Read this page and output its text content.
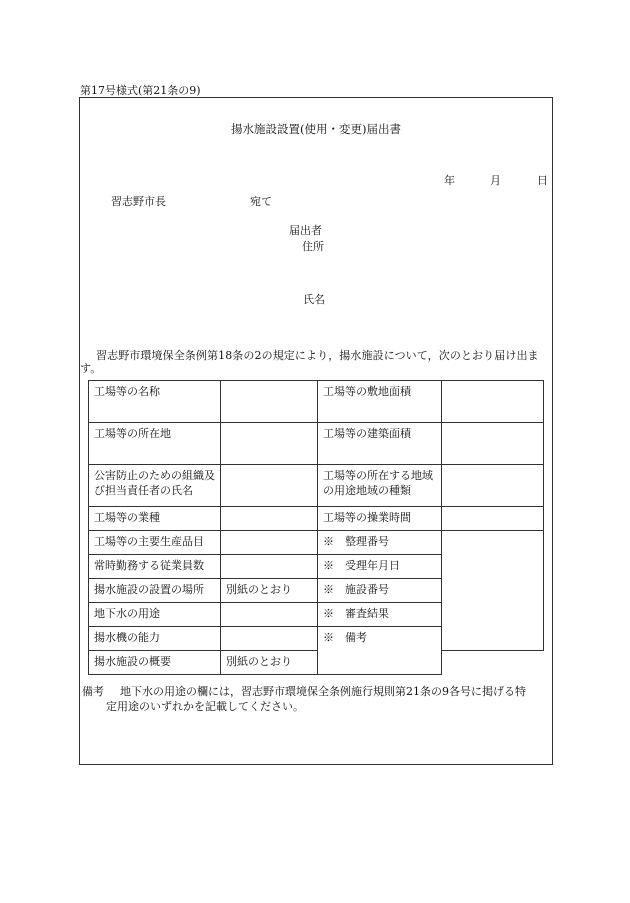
第17号様式(第21条の9)
揚水施設設置(使用・変更)届出書
年	月	日
習志野市長	宛て
届出者
住所
氏名
習志野市環境保全条例第18条の2の規定により，揚水施設について，次のとおり届け出ます。
工場等の名称		工場等の敷地面積	
工場等の所在地		工場等の建築面積	
公害防止のための組織及び担当責任者の氏名		工場等の所在する地域の用途地域の種類	
工場等の業種		工場等の操業時間	
工場等の主要生産品目		※　整理番号	
常時勤務する従業員数		※　受理年月日	
揚水施設の設置の場所	別紙のとおり	※　施設番号	
地下水の用途		※　審査結果	
揚水機の能力		※　備考	
揚水施設の概要	別紙のとおり		
備考 地下水の用途の欄には，習志野市環境保全条例施行規則第21条の9各号に掲げる特
定用途のいずれかを記載してください。
